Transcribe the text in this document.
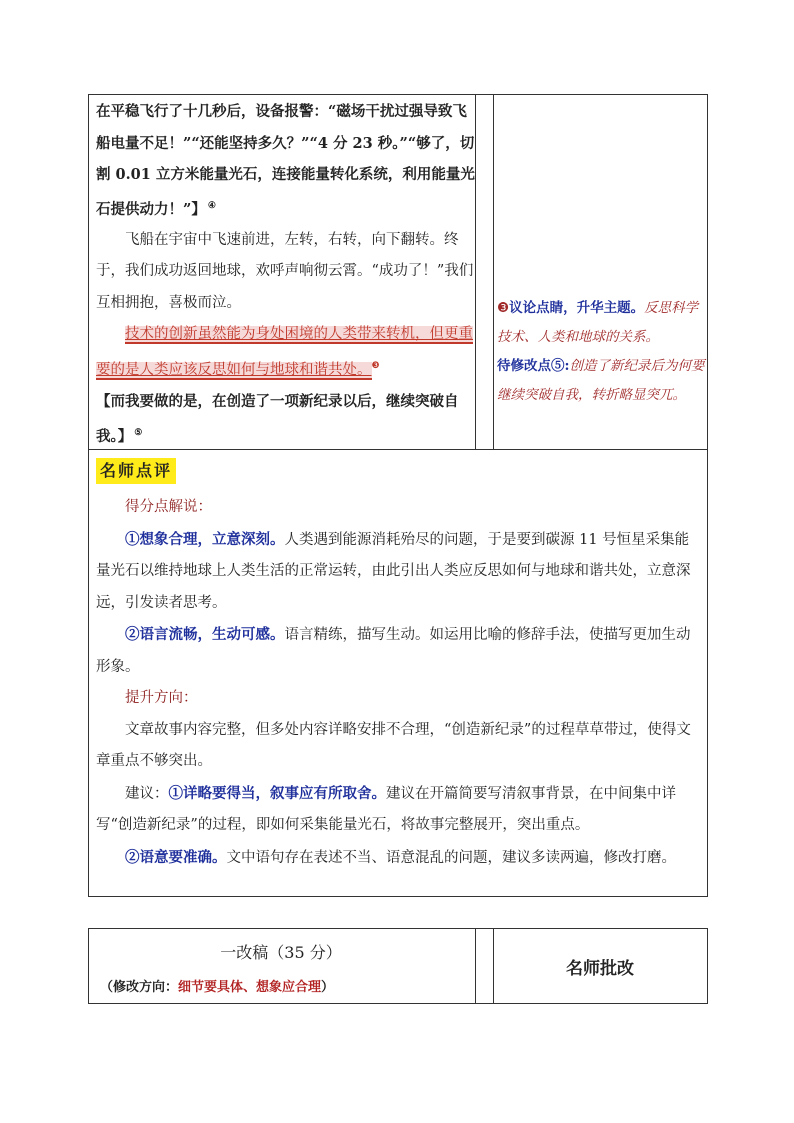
在平稳飞行了十几秒后，设备报警：“磁场干扰过强导致飞船电量不足！”“还能坚持多久？”“4 分 23 秒。”“够了，切割 0.01 立方米能量光石，连接能量转化系统，利用能量光石提供动力！”】 ④

飞船在宇宙中飞速前进，左转，右转，向下翻转。终于，我们成功返回地球，欢呼声响彻云霄。“成功了！”我们互相拥抱，喜极而泣。

技术的创新虽然能为身处困境的人类带来转机，但更重要的是人类应该反思如何与地球和谐共处。$^❸$

【而我要做的是，在创造了一项新纪录以后，继续突破自我。】 ⑤

❸议论点睛，升华主题。反思科学技术、人类和地球的关系。

待修改点⑤:创造了新纪录后为何要继续突破自我，转折略显突兀。

名师点评

得分点解说：

①想象合理，立意深刻。人类遇到能源消耗殆尽的问题，于是要到碳源 11 号恒星采集能量光石以维持地球上人类生活的正常运转，由此引出人类应反思如何与地球和谐共处，立意深远，引发读者思考。

②语言流畅，生动可感。语言精练，描写生动。如运用比喻的修辞手法，使描写更加生动形象。

提升方向：

文章故事内容完整，但多处内容详略安排不合理，“创造新纪录”的过程草草带过，使得文章重点不够突出。

建议：①详略要得当，叙事应有所取舍。建议在开篇简要写清叙事背景，在中间集中详写“创造新纪录”的过程，即如何采集能量光石，将故事完整展开，突出重点。

②语意要准确。文中语句存在表述不当、语意混乱的问题，建议多读两遍，修改打磨。

一改稿（35 分）
（修改方向：细节要具体、想象应合理）
名师批改
